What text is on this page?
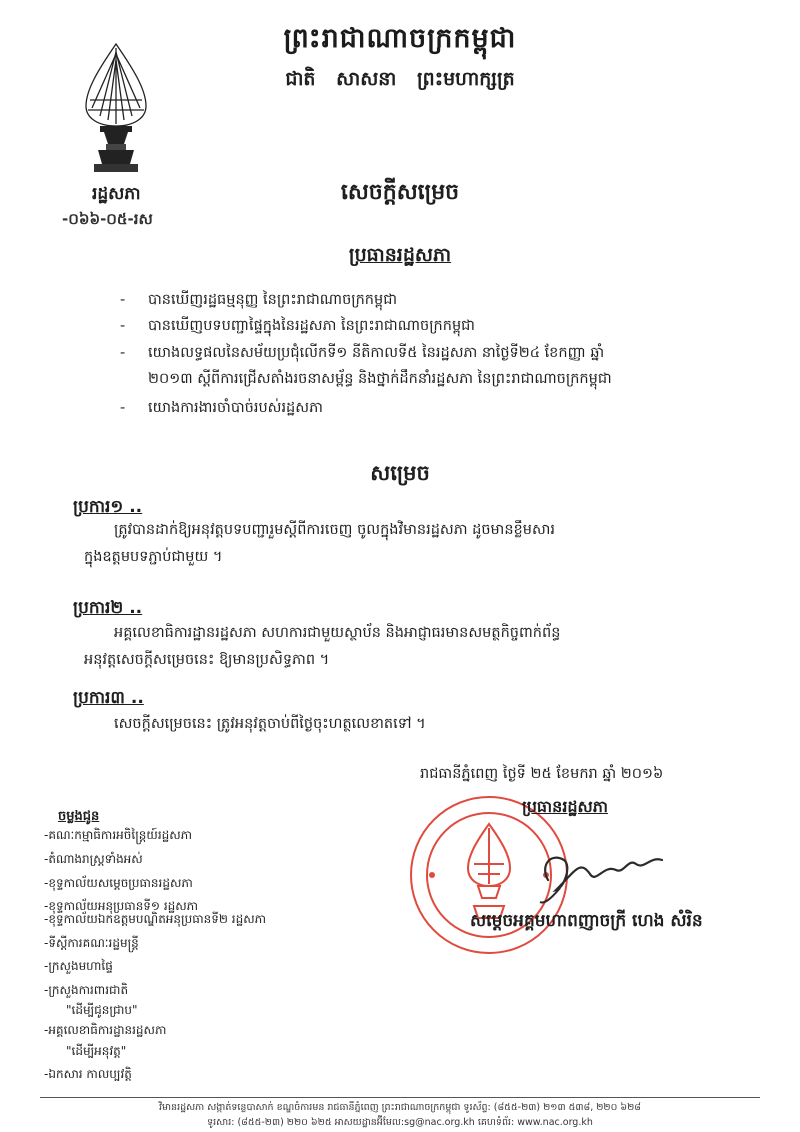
ព្រះរាជាណាចក្រកម្ពុជា
ជាតិ សាសនា ព្រះមហាក្សត្រ
រដ្ឋសភា
-០៦៦-០៥-រស
សេចក្ដីសម្រេច
ប្រធានរដ្ឋសភា
- បានឃើញរដ្ឋធម្មនុញ្ញ នៃព្រះរាជាណាចក្រកម្ពុជា
- បានឃើញបទបញ្ជាផ្ទៃក្នុងនៃរដ្ឋសភា នៃព្រះរាជាណាចក្រកម្ពុជា
- យោងលទ្ធផលនៃសម័យប្រជុំលើកទី១ នីតិកាលទី៥ នៃរដ្ឋសភា នាថ្ងៃទី២៤ ខែកញ្ញា ឆ្នាំ
២០១៣ ស្ដីពីការជ្រើសតាំងរចនាសម្ព័ន្ធ និងថ្នាក់ដឹកនាំរដ្ឋសភា នៃព្រះរាជាណាចក្រកម្ពុជា
- យោងការងារចាំបាច់របស់រដ្ឋសភា
សម្រេច
ប្រការ១ ..
ត្រូវបានដាក់ឱ្យអនុវត្តបទបញ្ជារួមស្ដីពីការចេញ ចូលក្នុងវិមានរដ្ឋសភា ដូចមានខ្លឹមសារ
ក្នុងឧត្ដមបទភ្ជាប់ជាមួយ ។
ប្រការ២ ..
អគ្គលេខាធិការដ្ឋានរដ្ឋសភា សហការជាមួយស្ថាប័ន និងអាជ្ញាធរមានសមត្ថកិច្ចពាក់ព័ន្ធ
អនុវត្តសេចក្ដីសម្រេចនេះ ឱ្យមានប្រសិទ្ធភាព ។
ប្រការ៣ ..
សេចក្ដីសម្រេចនេះ ត្រូវអនុវត្តចាប់ពីថ្ងៃចុះហត្ថលេខាតទៅ ។
រាជធានីភ្នំពេញ ថ្ងៃទី ២៥ ខែមករា ឆ្នាំ ២០១៦
ប្រធានរដ្ឋសភា
សម្ដេចអគ្គមហាពញាចក្រី ហេង សំរិន
ចម្លងជូន
-គណៈកម្មាធិការអចិន្ត្រៃយ៍រដ្ឋសភា
-តំណាងរាស្ត្រទាំងអស់
-ខុទ្ទកាល័យសម្ដេចប្រធានរដ្ឋសភា
-ខុទ្ទកាល័យអនុប្រធានទី១ រដ្ឋសភា
-ខុទ្ទកាល័យឯកឧត្តមបណ្ឌិតអនុប្រធានទី២ រដ្ឋសភា
-ទីស្ដីការគណៈរដ្ឋមន្ត្រី
-ក្រសួងមហាផ្ទៃ
-ក្រសួងការពារជាតិ
"ដើម្បីជូនជ្រាប"
-អគ្គលេខាធិការដ្ឋានរដ្ឋសភា
"ដើម្បីអនុវត្ត"
-ឯកសារ កាលប្បវត្តិ
វិមានរដ្ឋសភា សង្កាត់ទន្លេបាសាក់ ខណ្ឌចំការមន រាជធានីភ្នំពេញ ព្រះរាជាណាចក្រកម្ពុជា ទូរស័ព្ទ: (៨៥៥-២៣) ២១៣ ៥៣៨, ២២០ ៦២៨
ទូរសារ: (៨៥៥-២៣) ២២០ ៦២៥ អាសយដ្ឋានអ៊ីមែល:sg@nac.org.kh គេហទំព័រ: www.nac.org.kh
